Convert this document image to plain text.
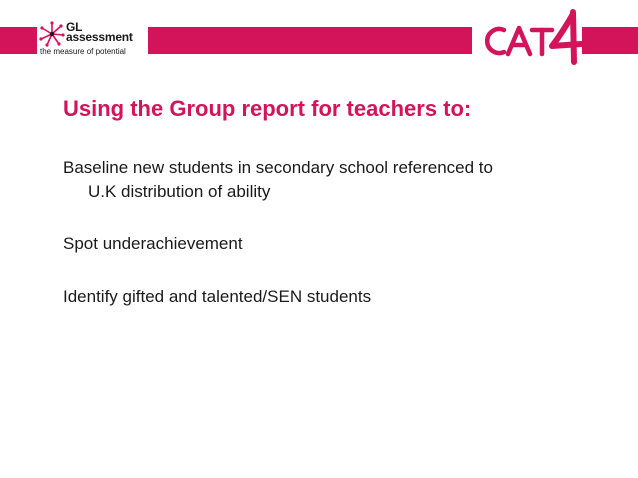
GL
assessment
the measure of potential
Using the Group report for teachers to:
Baseline new students in secondary school referenced to
U.K distribution of ability
Spot underachievement
Identify gifted and talented/SEN students
